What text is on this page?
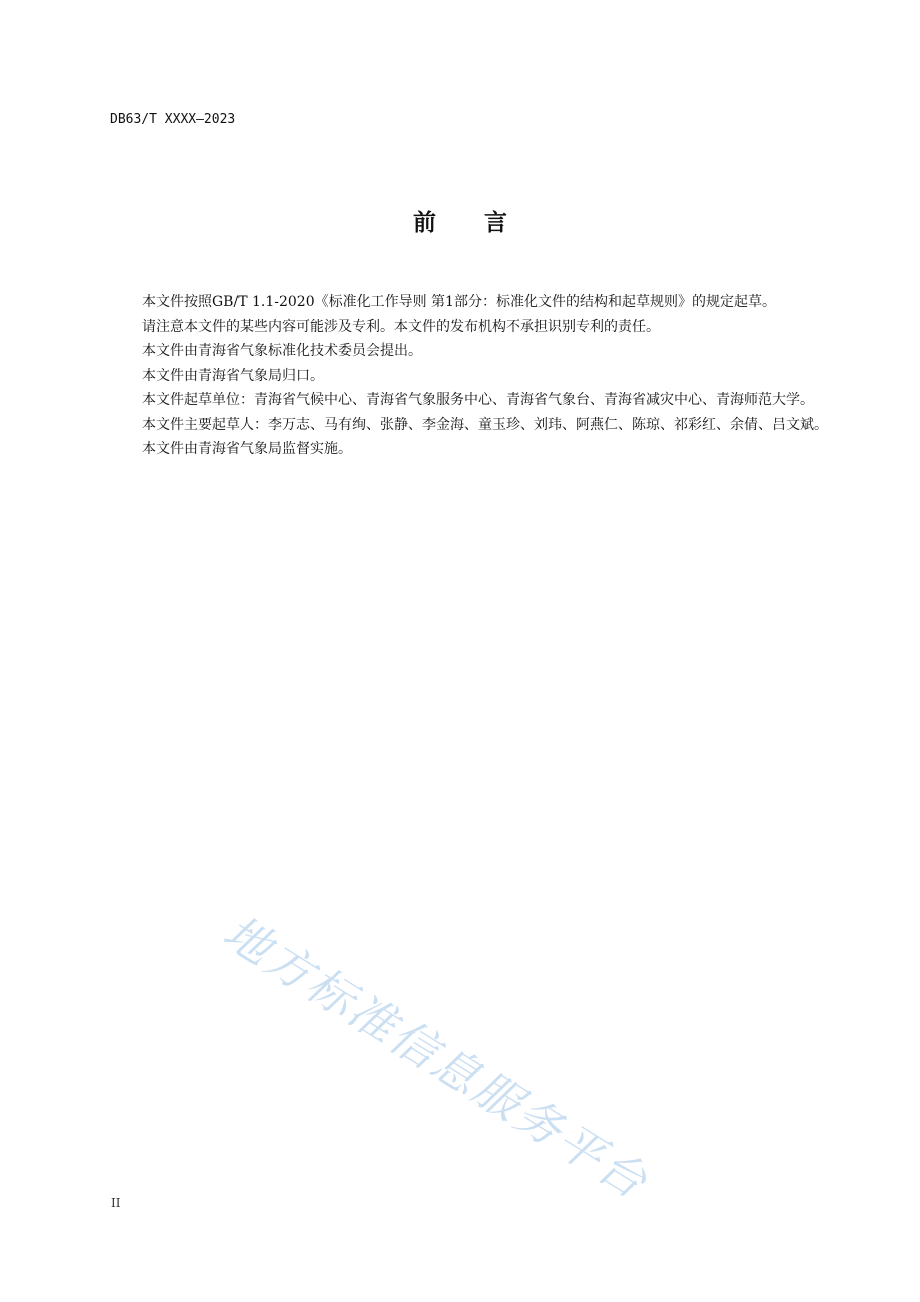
DB63/T XXXX—2023
前 言

本文件按照GB/T 1.1-2020《标准化工作导则 第1部分：标准化文件的结构和起草规则》的规定起草。

请注意本文件的某些内容可能涉及专利。本文件的发布机构不承担识别专利的责任。

本文件由青海省气象标准化技术委员会提出。

本文件由青海省气象局归口。

本文件起草单位：青海省气候中心、青海省气象服务中心、青海省气象台、青海省减灾中心、青海师范大学。

本文件主要起草人：李万志、马有绚、张静、李金海、童玉珍、刘玮、阿燕仁、陈琼、祁彩红、余倩、吕文斌。

本文件由青海省气象局监督实施。

地方标准信息服务平台
II
